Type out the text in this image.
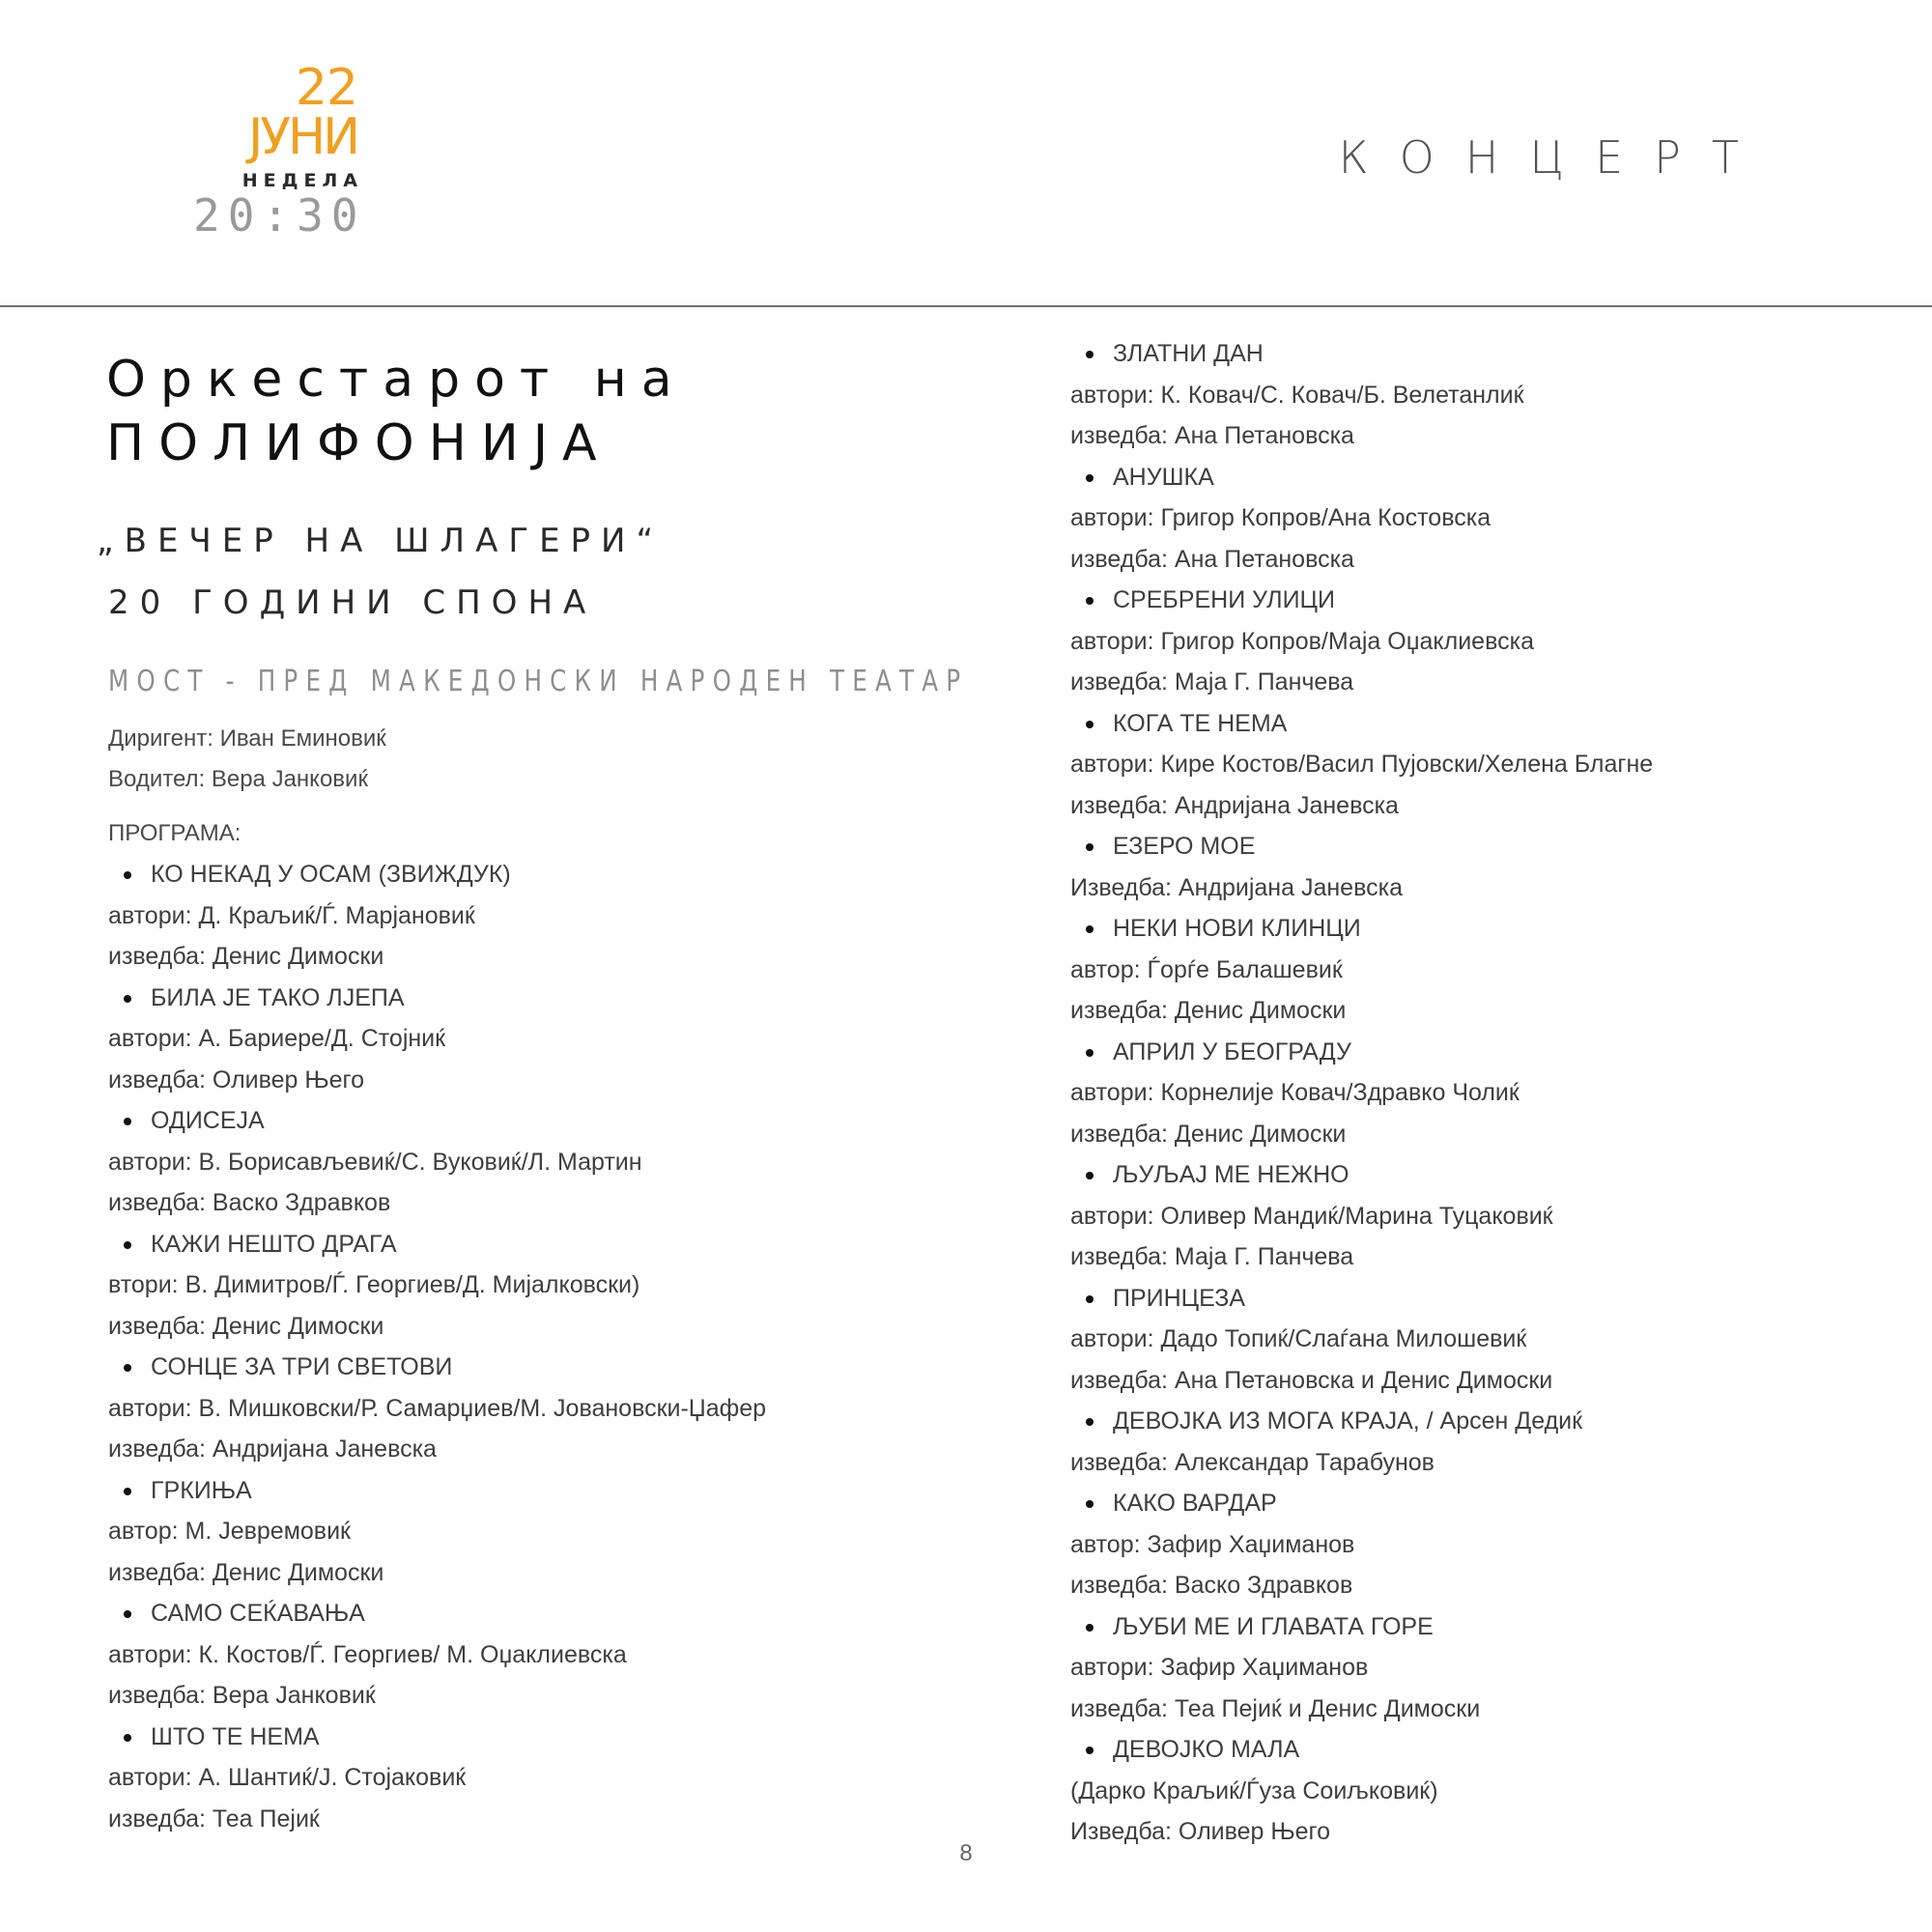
22
ЈУНИ
НЕДЕЛА
20:30
КОНЦЕРТ
Оркестарот на
ПОЛИФОНИЈА
„ВЕЧЕР НА ШЛАГЕРИ“
20 ГОДИНИ СПОНА
МОСТ - ПРЕД МАКЕДОНСКИ НАРОДЕН ТЕАТАР
Диригент: Иван Еминовиќ
Водител: Вера Јанковиќ
ПРОГРАМА:
КО НЕКАД У ОСАМ (ЗВИЖДУК)
автори: Д. Краљиќ/Ѓ. Марјановиќ
изведба: Денис Димоски
БИЛА ЈЕ ТАКО ЛЈЕПА
автори: А. Бариере/Д. Стојниќ
изведба: Оливер Њего
ОДИСЕЈА
автори: В. Борисављевиќ/С. Вуковиќ/Л. Мартин
изведба: Васко Здравков
КАЖИ НЕШТО ДРАГА
втори: В. Димитров/Ѓ. Георгиев/Д. Мијалковски)
изведба: Денис Димоски
СОНЦЕ ЗА ТРИ СВЕТОВИ
автори: В. Мишковски/Р. Самарџиев/М. Јовановски-Џафер
изведба: Андријана Јаневска
ГРКИЊА
автор: М. Јевремовиќ
изведба: Денис Димоски
САМО СЕЌАВАЊА
автори: К. Костов/Ѓ. Георгиев/ М. Оџаклиевска
изведба: Вера Јанковиќ
ШТО ТЕ НЕМА
автори: А. Шантиќ/Ј. Стојаковиќ
изведба: Теа Пејиќ
ЗЛАТНИ ДАН
автори: К. Ковач/С. Ковач/Б. Велетанлиќ
изведба: Ана Петановска
АНУШКА
автори: Григор Копров/Ана Костовска
изведба: Ана Петановска
СРЕБРЕНИ УЛИЦИ
автори: Григор Копров/Маја Оџаклиевска
изведба: Маја Г. Панчева
КОГА ТЕ НЕМА
автори: Кире Костов/Васил Пујовски/Хелена Благне
изведба: Андријана Јаневска
ЕЗЕРО МОЕ
Изведба: Андријана Јаневска
НЕКИ НОВИ КЛИНЦИ
автор: Ѓорѓе Балашевиќ
изведба: Денис Димоски
АПРИЛ У БЕОГРАДУ
автори: Корнелије Ковач/Здравко Чолиќ
изведба: Денис Димоски
ЉУЉАЈ МЕ НЕЖНО
автори: Оливер Мандиќ/Марина Туцаковиќ
изведба: Маја Г. Панчева
ПРИНЦЕЗА
автори: Дадо Топиќ/Слаѓана Милошевиќ
изведба: Ана Петановска и Денис Димоски
ДЕВОЈКА ИЗ МОГА КРАЈА, / Арсен Дедиќ
изведба: Александар Тарабунов
КАКО ВАРДАР
автор: Зафир Хаџиманов
изведба: Васко Здравков
ЉУБИ МЕ И ГЛАВАТА ГОРЕ
автори: Зафир Хаџиманов
изведба: Теа Пејиќ и Денис Димоски
ДЕВОЈКО МАЛА
(Дарко Краљиќ/Ѓуза Соиљковиќ)
Изведба: Оливер Њего
8
